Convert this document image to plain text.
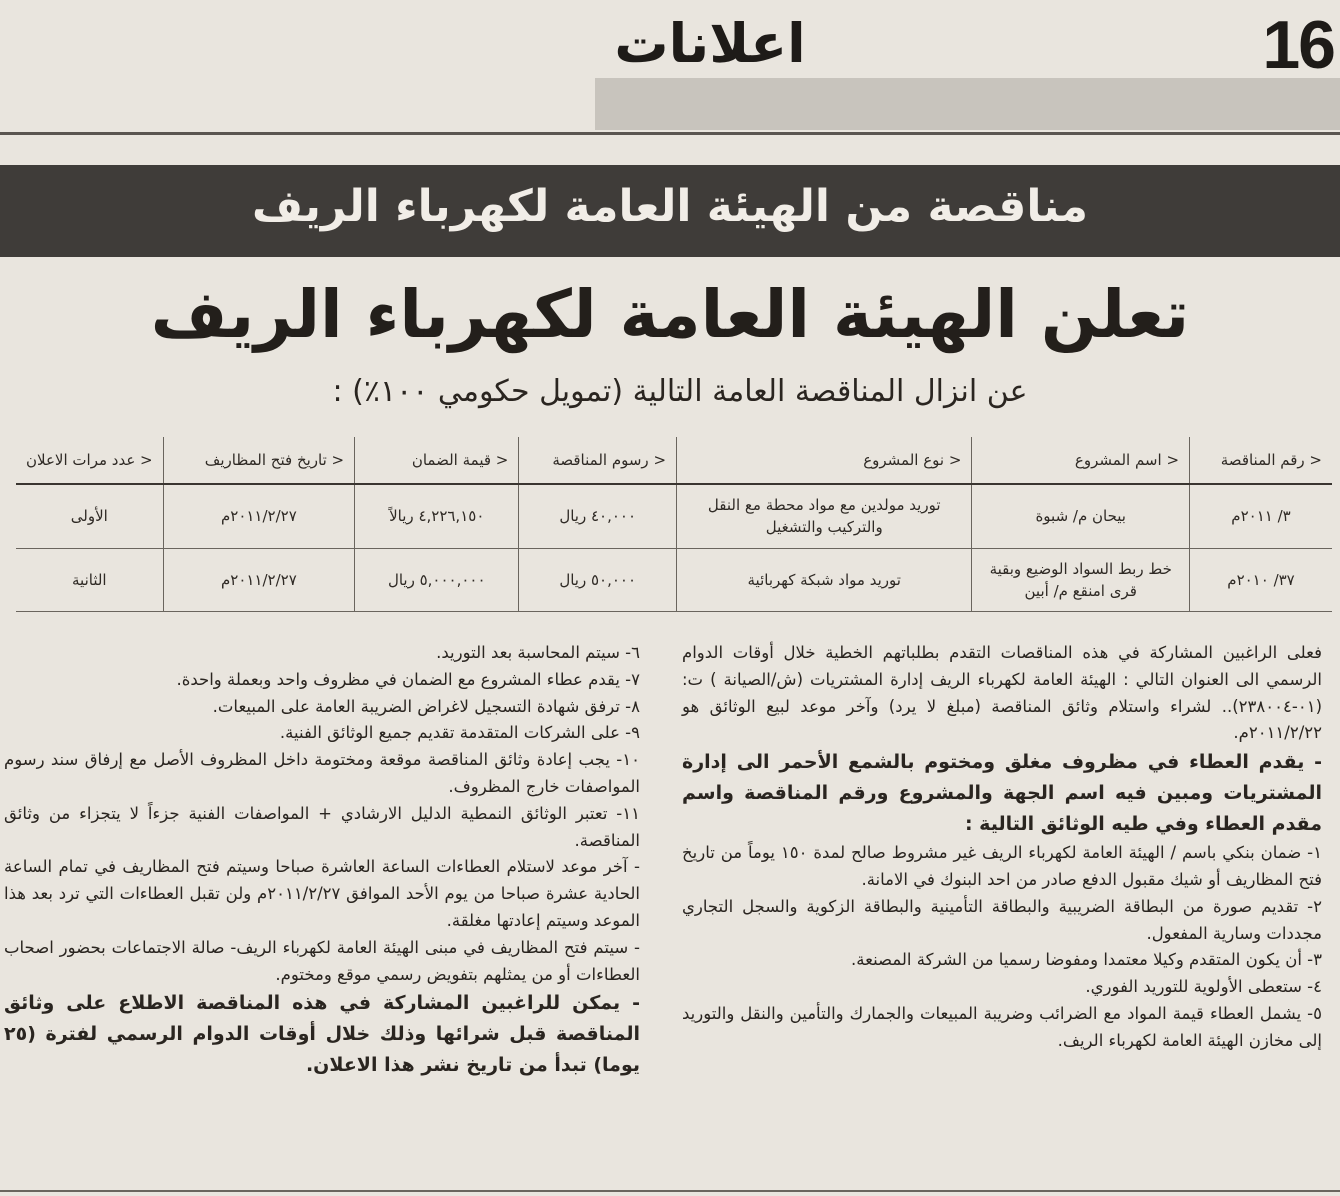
اعلانات	16
مناقصة من الهيئة العامة لكهرباء الريف
تعلن الهيئة العامة لكهرباء الريف
عن انزال المناقصة العامة التالية (تمويل حكومي ١٠٠٪) :
< رقم المناقصة	< اسم المشروع	< نوع المشروع	< رسوم المناقصة	< قيمة الضمان	< تاريخ فتح المظاريف	< عدد مرات الاعلان
٣/ ٢٠١١م	بيحان م/ شبوة	توريد مولدين مع مواد محطة مع النقل والتركيب والتشغيل	٤٠,٠٠٠ ريال	٤,٢٢٦,١٥٠ ريالاً	٢٠١١/٢/٢٧م	الأولى
٣٧/ ٢٠١٠م	خط ربط السواد الوضيع وبقية قرى امنقع م/ أبين	توريد مواد شبكة كهربائية	٥٠,٠٠٠ ريال	٥,٠٠٠,٠٠٠ ريال	٢٠١١/٢/٢٧م	الثانية

فعلى الراغبين المشاركة في هذه المناقصات التقدم بطلباتهم الخطية خلال أوقات الدوام الرسمي الى العنوان التالي : الهيئة العامة لكهرباء الريف إدارة المشتريات (ش/الصيانة ) ت:(٠١-٢٣٨٠٠٤).. لشراء واستلام وثائق المناقصة (مبلغ لا يرد) وآخر موعد لبيع الوثائق هو ٢٠١١/٢/٢٢م.

- يقدم العطاء في مظروف مغلق ومختوم بالشمع الأحمر الى إدارة المشتريات ومبين فيه اسم الجهة والمشروع ورقم المناقصة واسم مقدم العطاء وفي طيه الوثائق التالية :

١- ضمان بنكي باسم / الهيئة العامة لكهرباء الريف غير مشروط صالح لمدة ١٥٠ يوماً من تاريخ فتح المظاريف أو شيك مقبول الدفع صادر من احد البنوك في الامانة.

٢- تقديم صورة من البطاقة الضريبية والبطاقة التأمينية والبطاقة الزكوية والسجل التجاري مجددات وسارية المفعول.

٣- أن يكون المتقدم وكيلا معتمدا ومفوضا رسميا من الشركة المصنعة.

٤- ستعطى الأولوية للتوريد الفوري.

٥- يشمل العطاء قيمة المواد مع الضرائب وضريبة المبيعات والجمارك والتأمين والنقل والتوريد إلى مخازن الهيئة العامة لكهرباء الريف.

٦- سيتم المحاسبة بعد التوريد.

٧- يقدم عطاء المشروع مع الضمان في مظروف واحد وبعملة واحدة.

٨- ترفق شهادة التسجيل لاغراض الضريبة العامة على المبيعات.

٩- على الشركات المتقدمة تقديم جميع الوثائق الفنية.

١٠- يجب إعادة وثائق المناقصة موقعة ومختومة داخل المظروف الأصل مع إرفاق سند رسوم المواصفات خارج المظروف.

١١- تعتبر الوثائق النمطية الدليل الارشادي + المواصفات الفنية جزءاً لا يتجزاء من وثائق المناقصة.

- آخر موعد لاستلام العطاءات الساعة العاشرة صباحا وسيتم فتح المظاريف في تمام الساعة الحادية عشرة صباحا من يوم الأحد الموافق ٢٠١١/٢/٢٧م ولن تقبل العطاءات التي ترد بعد هذا الموعد وسيتم إعادتها مغلقة.

- سيتم فتح المظاريف في مبنى الهيئة العامة لكهرباء الريف- صالة الاجتماعات بحضور اصحاب العطاءات أو من يمثلهم بتفويض رسمي موقع ومختوم.

- يمكن للراغبين المشاركة في هذه المناقصة الاطلاع على وثائق المناقصة قبل شرائها وذلك خلال أوقات الدوام الرسمي لفترة (٢٥ يوما) تبدأ من تاريخ نشر هذا الاعلان.
